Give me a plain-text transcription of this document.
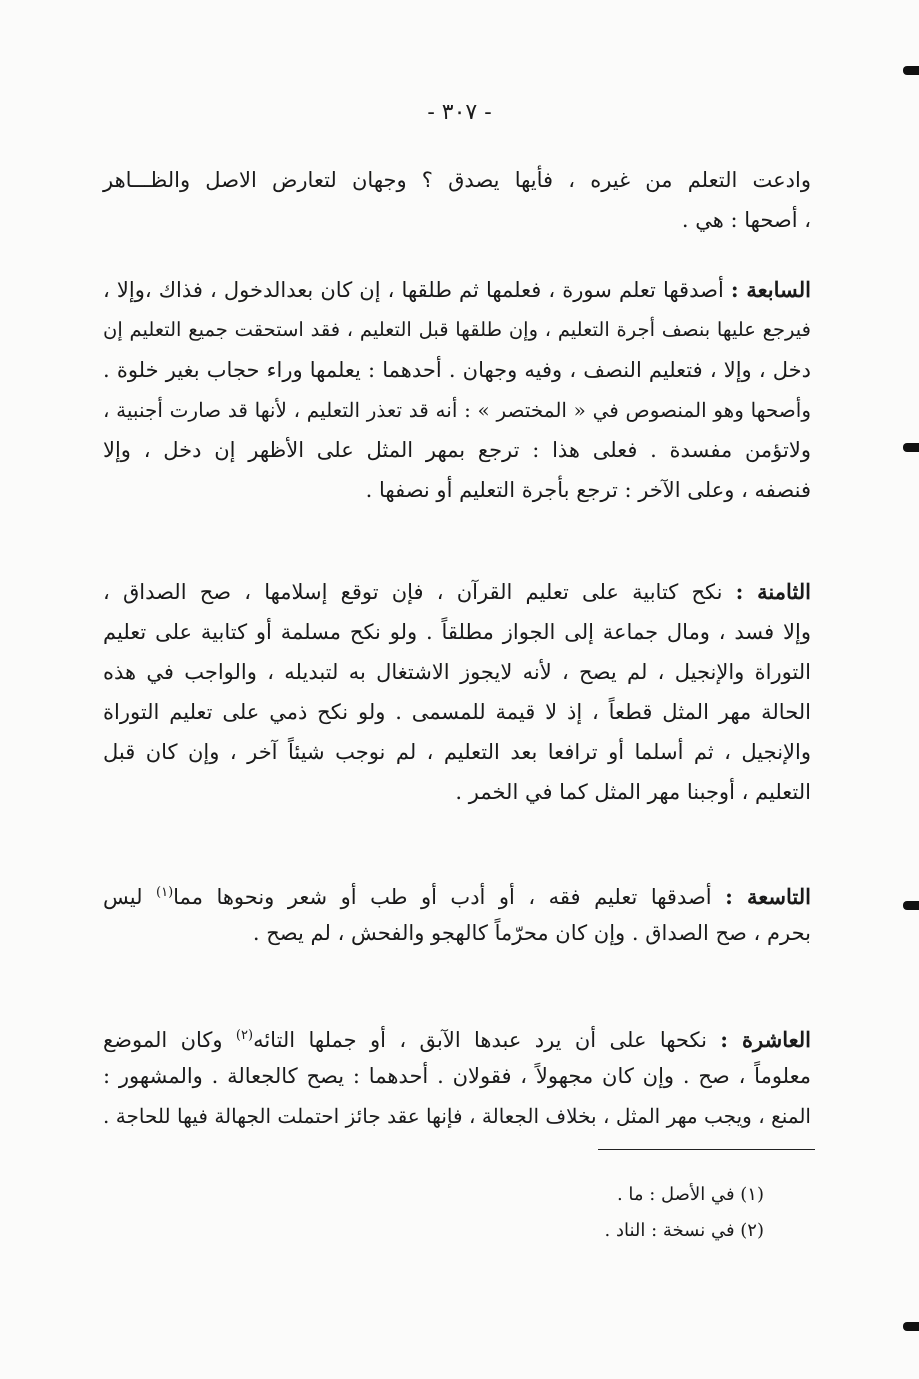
- ٣٠٧ -
وادعت التعلم من غيره ، فأيها يصدق ؟ وجهان لتعارض الاصل والظـــاهر
، أصحها : هي .
السابعة : أصدقها تعلم سورة ، فعلمها ثم طلقها ، إن كان بعدالدخول ، فذاك ،وإلا ،
فيرجع عليها بنصف أجرة التعليم ، وإن طلقها قبل التعليم ، فقد استحقت جميع التعليم إن
دخل ، وإلا ، فتعليم النصف ، وفيه وجهان . أحدهما : يعلمها وراء حجاب بغير خلوة .
وأصحها وهو المنصوص في « المختصر » : أنه قد تعذر التعليم ، لأنها قد صارت أجنبية ،
ولاتؤمن مفسدة . فعلى هذا : ترجع بمهر المثل على الأظهر إن دخل ، وإلا
فنصفه ، وعلى الآخر : ترجع بأجرة التعليم أو نصفها .
الثامنة : نكح كتابية على تعليم القرآن ، فإن توقع إسلامها ، صح الصداق ،
وإلا فسد ، ومال جماعة إلى الجواز مطلقاً . ولو نكح مسلمة أو كتابية على تعليم
التوراة والإنجيل ، لم يصح ، لأنه لايجوز الاشتغال به لتبديله ، والواجب في هذه
الحالة مهر المثل قطعاً ، إذ لا قيمة للمسمى . ولو نكح ذمي على تعليم التوراة
والإنجيل ، ثم أسلما أو ترافعا بعد التعليم ، لم نوجب شيئاً آخر ، وإن كان قبل
التعليم ، أوجبنا مهر المثل كما في الخمر .
التاسعة : أصدقها تعليم فقه ، أو أدب أو طب أو شعر ونحوها مما$^{(١)}$ ليس
بحرم ، صح الصداق . وإن كان محرّماً كالهجو والفحش ، لم يصح .
العاشرة : نكحها على أن يرد عبدها الآبق ، أو جملها التائه$^{(٢)}$ وكان الموضع
معلوماً ، صح . وإن كان مجهولاً ، فقولان . أحدهما : يصح كالجعالة . والمشهور :
المنع ، ويجب مهر المثل ، بخلاف الجعالة ، فإنها عقد جائز احتملت الجهالة فيها للحاجة .
(١) في الأصل : ما .
(٢) في نسخة : الناد .
